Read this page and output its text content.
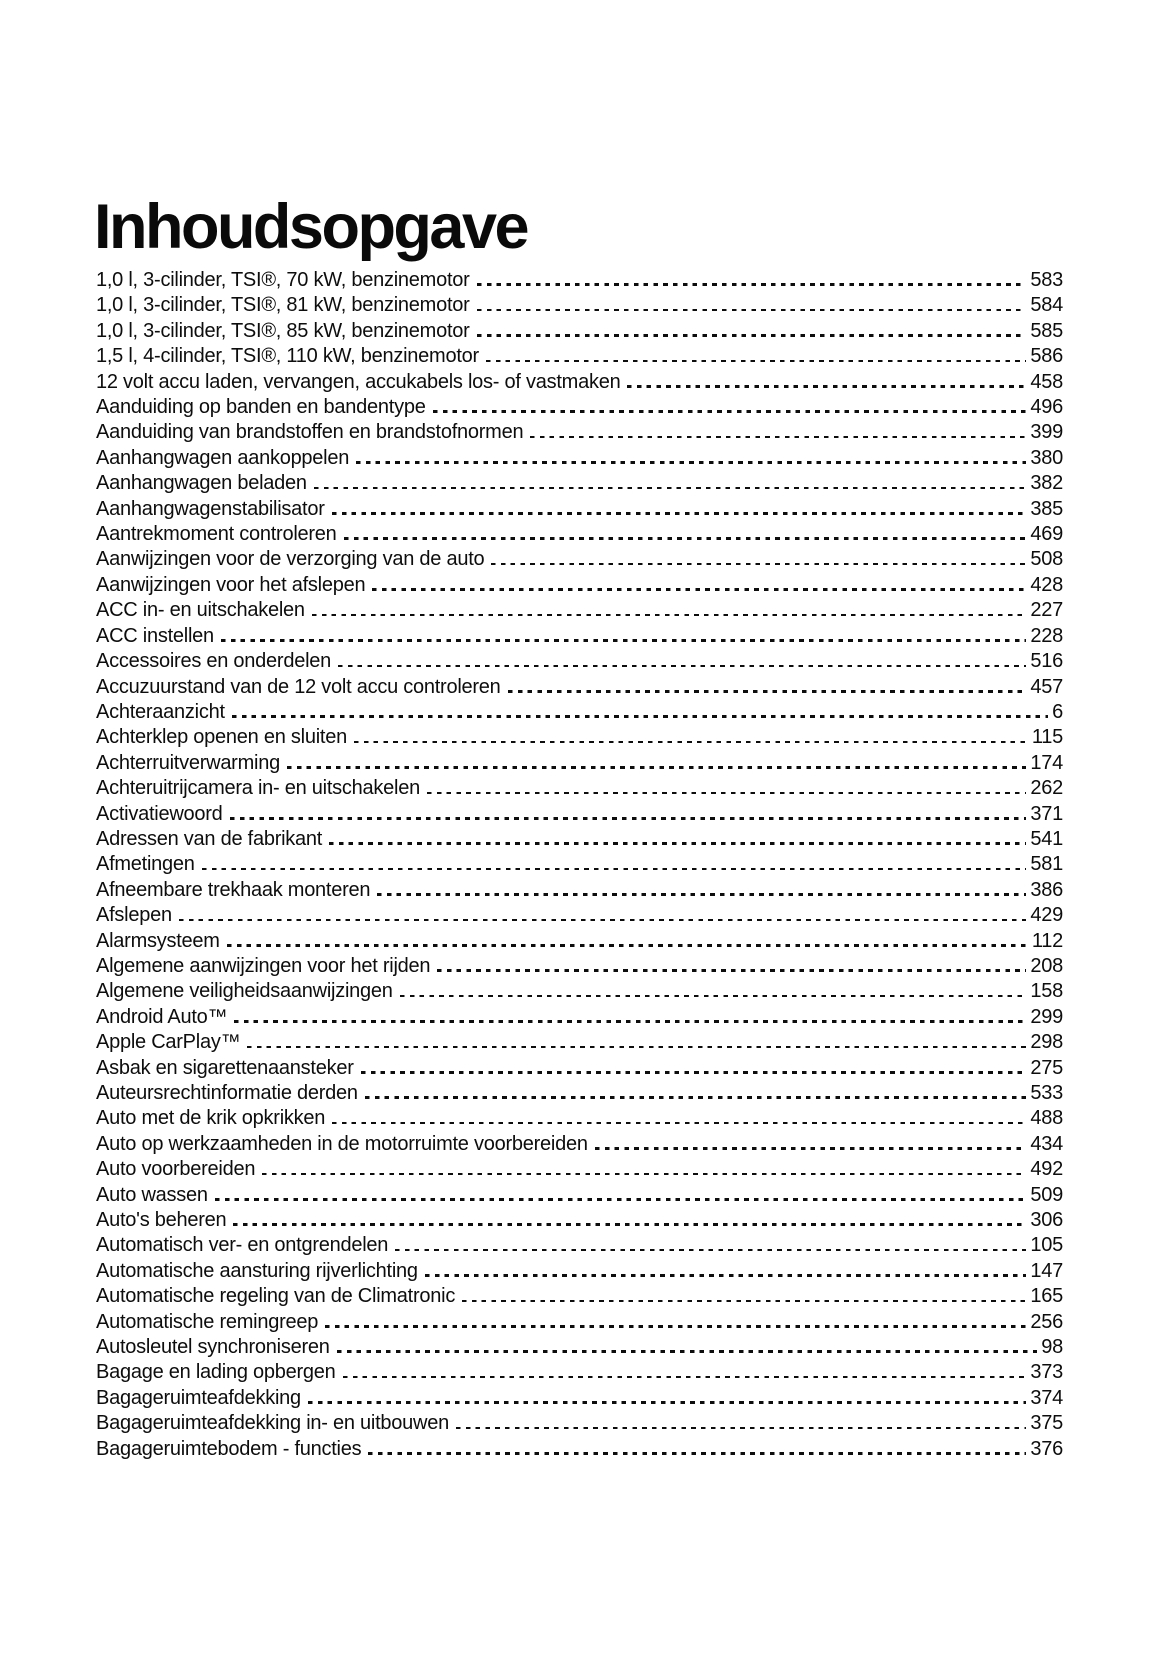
Inhoudsopgave
1,0 l, 3-cilinder, TSI®, 70 kW, benzinemotor	583
1,0 l, 3-cilinder, TSI®, 81 kW, benzinemotor	584
1,0 l, 3-cilinder, TSI®, 85 kW, benzinemotor	585
1,5 l, 4-cilinder, TSI®, 110 kW, benzinemotor	586
12 volt accu laden, vervangen, accukabels los- of vastmaken	458
Aanduiding op banden en bandentype	496
Aanduiding van brandstoffen en brandstofnormen	399
Aanhangwagen aankoppelen	380
Aanhangwagen beladen	382
Aanhangwagenstabilisator	385
Aantrekmoment controleren	469
Aanwijzingen voor de verzorging van de auto	508
Aanwijzingen voor het afslepen	428
ACC in- en uitschakelen	227
ACC instellen	228
Accessoires en onderdelen	516
Accuzuurstand van de 12 volt accu controleren	457
Achteraanzicht	6
Achterklep openen en sluiten	115
Achterruitverwarming	174
Achteruitrijcamera in- en uitschakelen	262
Activatiewoord	371
Adressen van de fabrikant	541
Afmetingen	581
Afneembare trekhaak monteren	386
Afslepen	429
Alarmsysteem	112
Algemene aanwijzingen voor het rijden	208
Algemene veiligheidsaanwijzingen	158
Android Auto™	299
Apple CarPlay™	298
Asbak en sigarettenaansteker	275
Auteursrechtinformatie derden	533
Auto met de krik opkrikken	488
Auto op werkzaamheden in de motorruimte voorbereiden	434
Auto voorbereiden	492
Auto wassen	509
Auto's beheren	306
Automatisch ver- en ontgrendelen	105
Automatische aansturing rijverlichting	147
Automatische regeling van de Climatronic	165
Automatische remingreep	256
Autosleutel synchroniseren	98
Bagage en lading opbergen	373
Bagageruimteafdekking	374
Bagageruimteafdekking in- en uitbouwen	375
Bagageruimtebodem - functies	376
